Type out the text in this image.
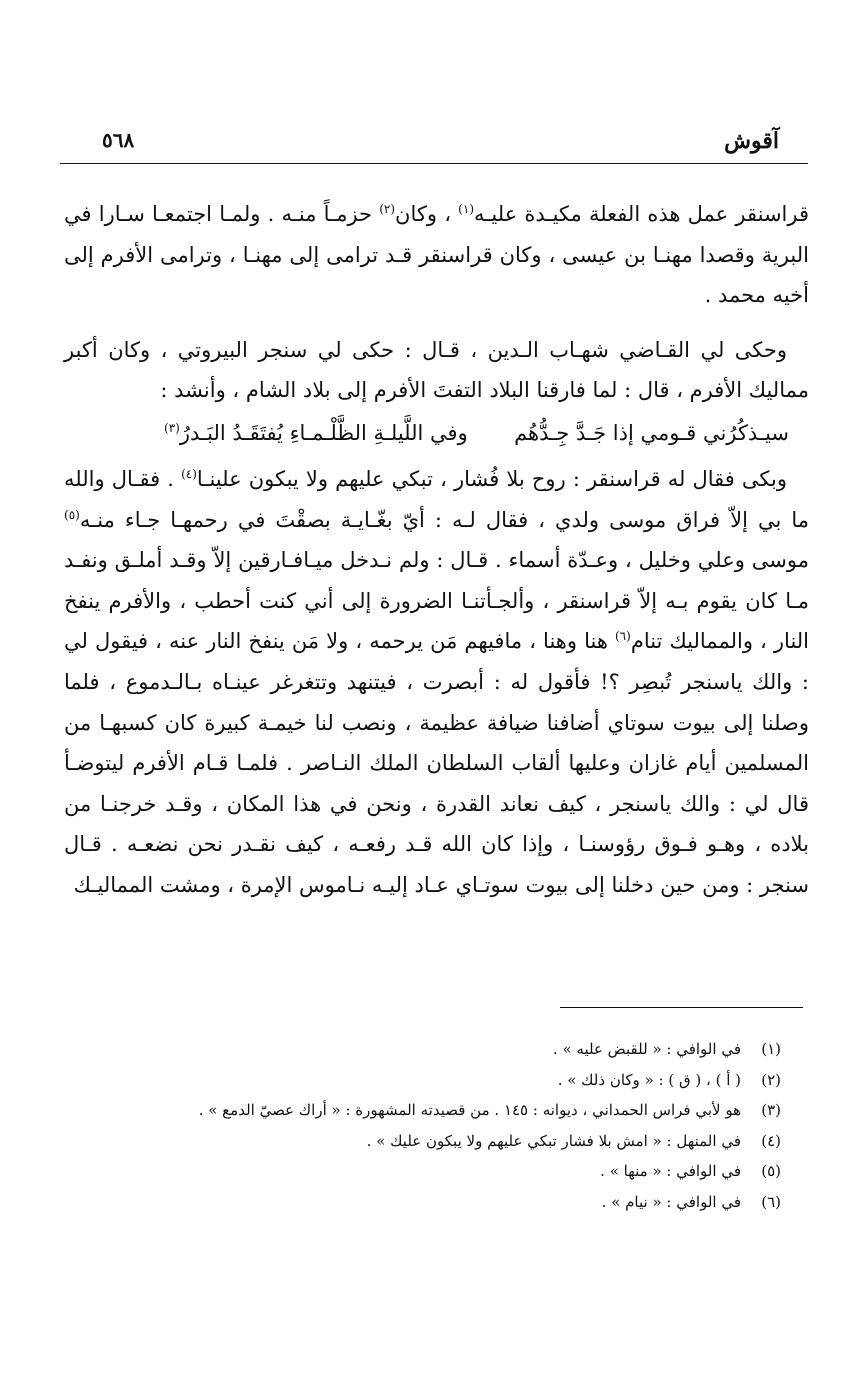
آقوش
٥٦٨

قراسنقر عمل هذه الفعلة مكيـدة عليـه$^{(١)}$ ، وكان$^{(٢)}$ حزمـاً منـه . ولمـا اجتمعـا سـارا في البرية وقصدا مهنـا بن عيسى ، وكان قراسنقر قـد ترامى إلى مهنـا ، وترامى الأفرم إلى أخيه محمد .

وحكى لي القـاضي شهـاب الـدين ، قـال : حكى لي سنجر البيروتي ، وكان أكبر مماليك الأفرم ، قال : لما فارقنا البلاد التفتَ الأفرم إلى بلاد الشام ، وأنشد :

سيـذكُرُني قـومي إذا جَـدَّ جِـدُّهُم
وفي اللَّيلـةِ الظَّلْـمـاءِ يُفتَقَـدُ البَـدرُ$^{(٣)}$

وبكى فقال له قراسنقر : روح بلا فُشار ، تبكي عليهم ولا يبكون علينـا$^{(٤)}$ . فقـال والله ما بي إلاّ فراق موسى ولدي ، فقال لـه : أيّ بغّـايـة بصقْتَ في رحمهـا جـاء منـه$^{(٥)}$ موسى وعلي وخليل ، وعـدّة أسماء . قـال : ولم نـدخل ميـافـارقين إلاّ وقـد أملـق ونفـد مـا كان يقوم بـه إلاّ قراسنقر ، وألجـأتنـا الضرورة إلى أني كنت أحطب ، والأفرم ينفخ النار ، والمماليك تنام$^{(٦)}$ هنا وهنا ، مافيهم مَن يرحمه ، ولا مَن ينفخ النار عنه ، فيقول لي : والك ياسنجر تُبصِر ؟! فأقول له : أبصرت ، فيتنهد وتتغرغر عينـاه بـالـدموع ، فلما وصلنا إلى بيوت سوتاي أضافنا ضيافة عظيمة ، ونصب لنا خيمـة كبيرة كان كسبهـا من المسلمين أيام غازان وعليها ألقاب السلطان الملك النـاصر . فلمـا قـام الأفرم ليتوضـأ قال لي : والك ياسنجر ، كيف نعاند القدرة ، ونحن في هذا المكان ، وقـد خرجنـا من بلاده ، وهـو فـوق رؤوسنـا ، وإذا كان الله قـد رفعـه ، كيف نقـدر نحن نضعـه . قـال سنجر : ومن حين دخلنا إلى بيوت سوتـاي عـاد إليـه نـاموس الإمرة ، ومشت المماليـك

(١)
في الوافي : « للقبض عليه » .
(٢)
( أ ) ، ( ق ) : « وكان ذلك » .
(٣)
هو لأبي فراس الحمداني ، ديوانه : ١٤٥ . من قصيدته المشهورة : « أراك عصيّ الدمع » .
(٤)
في المنهل : « امش بلا فشار تبكي عليهم ولا يبكون عليك » .
(٥)
في الوافي : « منها » .
(٦)
في الوافي : « نيام » .
